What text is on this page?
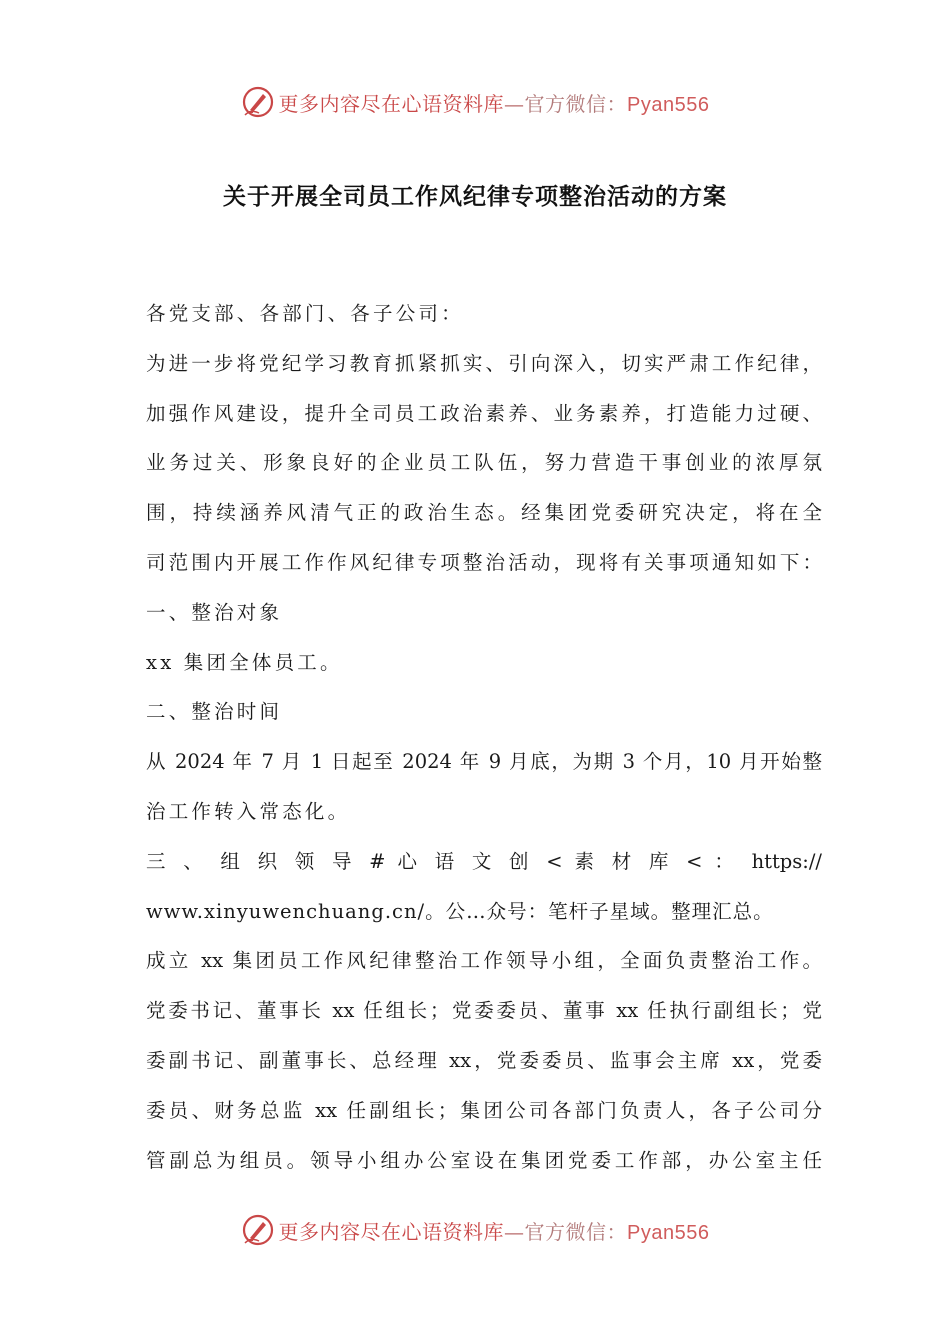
更多内容尽在心语资料库—官方微信：Pyan556
关于开展全司员工作风纪律专项整治活动的方案
各党支部、各部门、各子公司：
为进一步将党纪学习教育抓紧抓实、引向深入，切实严肃工作纪律，
加强作风建设，提升全司员工政治素养、业务素养，打造能力过硬、
业务过关、形象良好的企业员工队伍，努力营造干事创业的浓厚氛
围，持续涵养风清气正的政治生态。经集团党委研究决定，将在全
司范围内开展工作作风纪律专项整治活动，现将有关事项通知如下：
一、整治对象
xx 集团全体员工。
二、整治时间
从 2024 年 7 月 1 日起至 2024 年 9 月底，为期 3 个月，10 月开始整
治工作转入常态化。
三 、 组 织 领 导 # 心 语 文 创 < 素 材 库 < ： https://
www.xinyuwenchuang.cn/。公…众号：笔杆子星域。整理汇总。
成立 xx 集团员工作风纪律整治工作领导小组，全面负责整治工作。
党委书记、董事长 xx 任组长；党委委员、董事 xx 任执行副组长；党
委副书记、副董事长、总经理 xx，党委委员、监事会主席 xx，党委
委员、财务总监 xx 任副组长；集团公司各部门负责人，各子公司分
管副总为组员。领导小组办公室设在集团党委工作部，办公室主任
更多内容尽在心语资料库—官方微信：Pyan556
